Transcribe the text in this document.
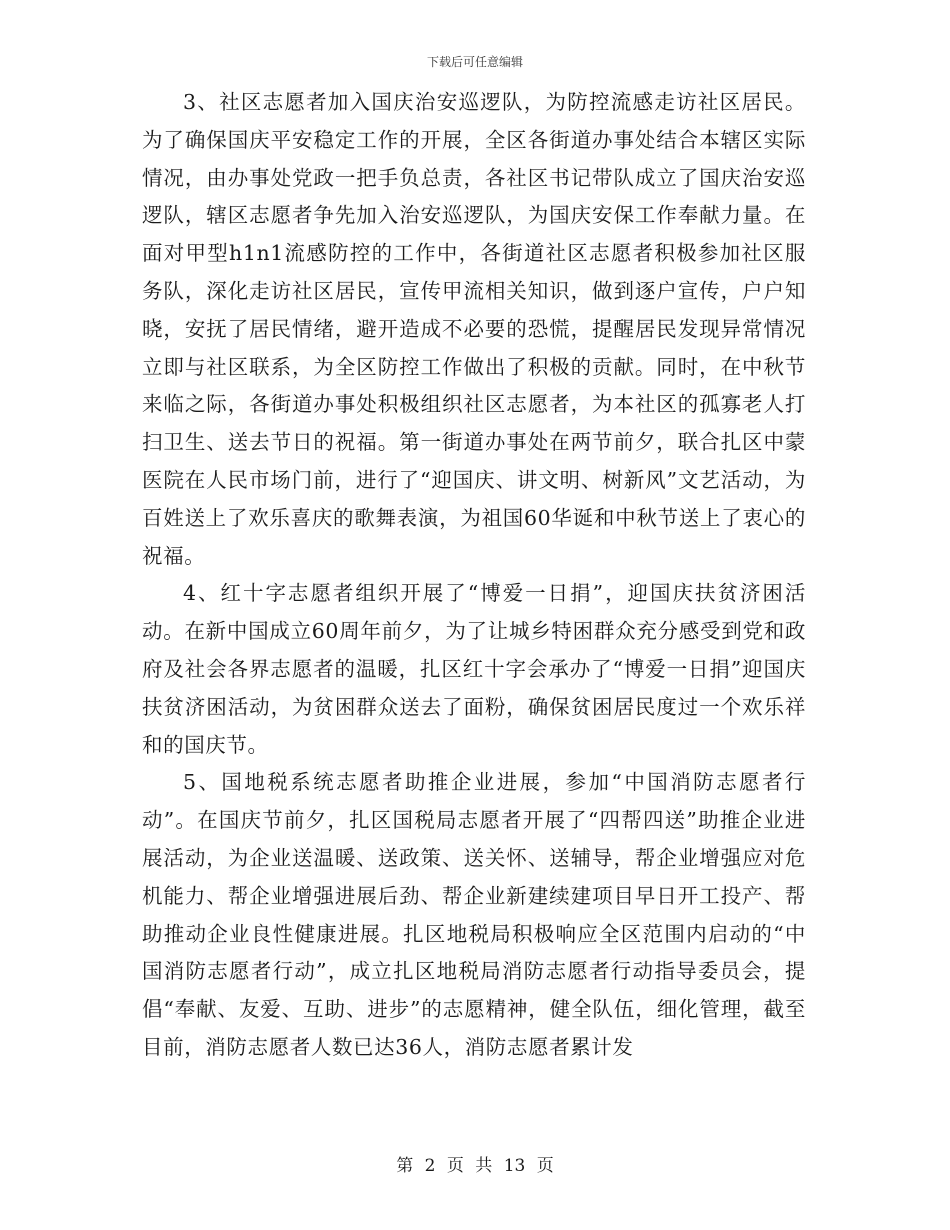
下载后可任意编辑

3、社区志愿者加入国庆治安巡逻队，为防控流感走访社区居民。为了确保国庆平安稳定工作的开展，全区各街道办事处结合本辖区实际情况，由办事处党政一把手负总责，各社区书记带队成立了国庆治安巡逻队，辖区志愿者争先加入治安巡逻队，为国庆安保工作奉献力量。在面对甲型h1n1流感防控的工作中，各街道社区志愿者积极参加社区服务队，深化走访社区居民，宣传甲流相关知识，做到逐户宣传，户户知晓，安抚了居民情绪，避开造成不必要的恐慌，提醒居民发现异常情况立即与社区联系，为全区防控工作做出了积极的贡献。同时，在中秋节来临之际，各街道办事处积极组织社区志愿者，为本社区的孤寡老人打扫卫生、送去节日的祝福。第一街道办事处在两节前夕，联合扎区中蒙医院在人民市场门前，进行了“迎国庆、讲文明、树新风”文艺活动，为百姓送上了欢乐喜庆的歌舞表演，为祖国60华诞和中秋节送上了衷心的祝福。

4、红十字志愿者组织开展了“博爱一日捐”，迎国庆扶贫济困活动。在新中国成立60周年前夕，为了让城乡特困群众充分感受到党和政府及社会各界志愿者的温暖，扎区红十字会承办了“博爱一日捐”迎国庆扶贫济困活动，为贫困群众送去了面粉，确保贫困居民度过一个欢乐祥和的国庆节。

5、国地税系统志愿者助推企业进展，参加“中国消防志愿者行动”。在国庆节前夕，扎区国税局志愿者开展了“四帮四送”助推企业进展活动，为企业送温暖、送政策、送关怀、送辅导，帮企业增强应对危机能力、帮企业增强进展后劲、帮企业新建续建项目早日开工投产、帮助推动企业良性健康进展。扎区地税局积极响应全区范围内启动的“中国消防志愿者行动”，成立扎区地税局消防志愿者行动指导委员会，提倡“奉献、友爱、互助、进步”的志愿精神，健全队伍，细化管理，截至目前，消防志愿者人数已达36人，消防志愿者累计发

第 2 页 共 13 页
